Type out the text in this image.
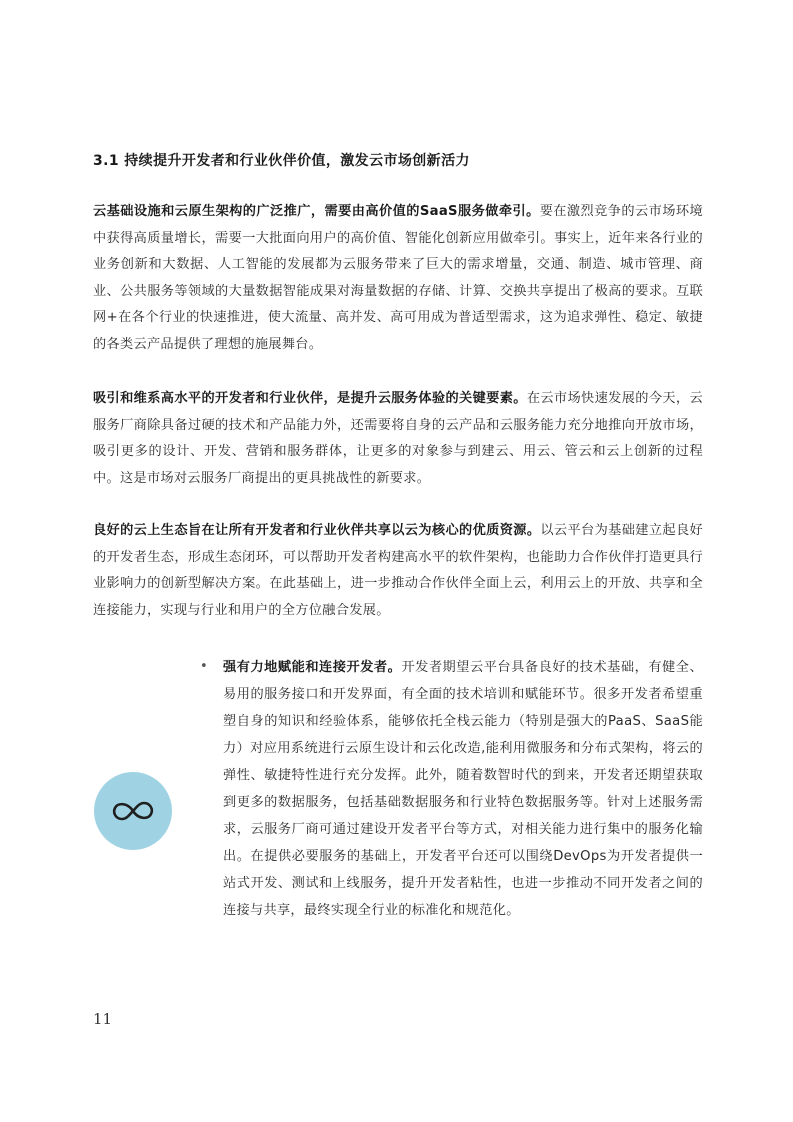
3.1 持续提升开发者和行业伙伴价值，激发云市场创新活力

云基础设施和云原生架构的广泛推广，需要由高价值的SaaS服务做牵引。要在激烈竞争的云市场环境中获得高质量增长，需要一大批面向用户的高价值、智能化创新应用做牵引。事实上，近年来各行业的业务创新和大数据、人工智能的发展都为云服务带来了巨大的需求增量，交通、制造、城市管理、商业、公共服务等领域的大量数据智能成果对海量数据的存储、计算、交换共享提出了极高的要求。互联网+在各个行业的快速推进，使大流量、高并发、高可用成为普适型需求，这为追求弹性、稳定、敏捷的各类云产品提供了理想的施展舞台。

吸引和维系高水平的开发者和行业伙伴，是提升云服务体验的关键要素。在云市场快速发展的今天，云服务厂商除具备过硬的技术和产品能力外，还需要将自身的云产品和云服务能力充分地推向开放市场，吸引更多的设计、开发、营销和服务群体，让更多的对象参与到建云、用云、管云和云上创新的过程中。这是市场对云服务厂商提出的更具挑战性的新要求。

良好的云上生态旨在让所有开发者和行业伙伴共享以云为核心的优质资源。以云平台为基础建立起良好的开发者生态，形成生态闭环，可以帮助开发者构建高水平的软件架构，也能助力合作伙伴打造更具行业影响力的创新型解决方案。在此基础上，进一步推动合作伙伴全面上云，利用云上的开放、共享和全连接能力，实现与行业和用户的全方位融合发展。

• 强有力地赋能和连接开发者。开发者期望云平台具备良好的技术基础，有健全、易用的服务接口和开发界面，有全面的技术培训和赋能环节。很多开发者希望重塑自身的知识和经验体系，能够依托全栈云能力（特别是强大的PaaS、SaaS能力）对应用系统进行云原生设计和云化改造,能利用微服务和分布式架构，将云的弹性、敏捷特性进行充分发挥。此外，随着数智时代的到来，开发者还期望获取到更多的数据服务，包括基础数据服务和行业特色数据服务等。针对上述服务需求，云服务厂商可通过建设开发者平台等方式，对相关能力进行集中的服务化输出。在提供必要服务的基础上，开发者平台还可以围绕DevOps为开发者提供一站式开发、测试和上线服务，提升开发者粘性，也进一步推动不同开发者之间的连接与共享，最终实现全行业的标准化和规范化。

11
